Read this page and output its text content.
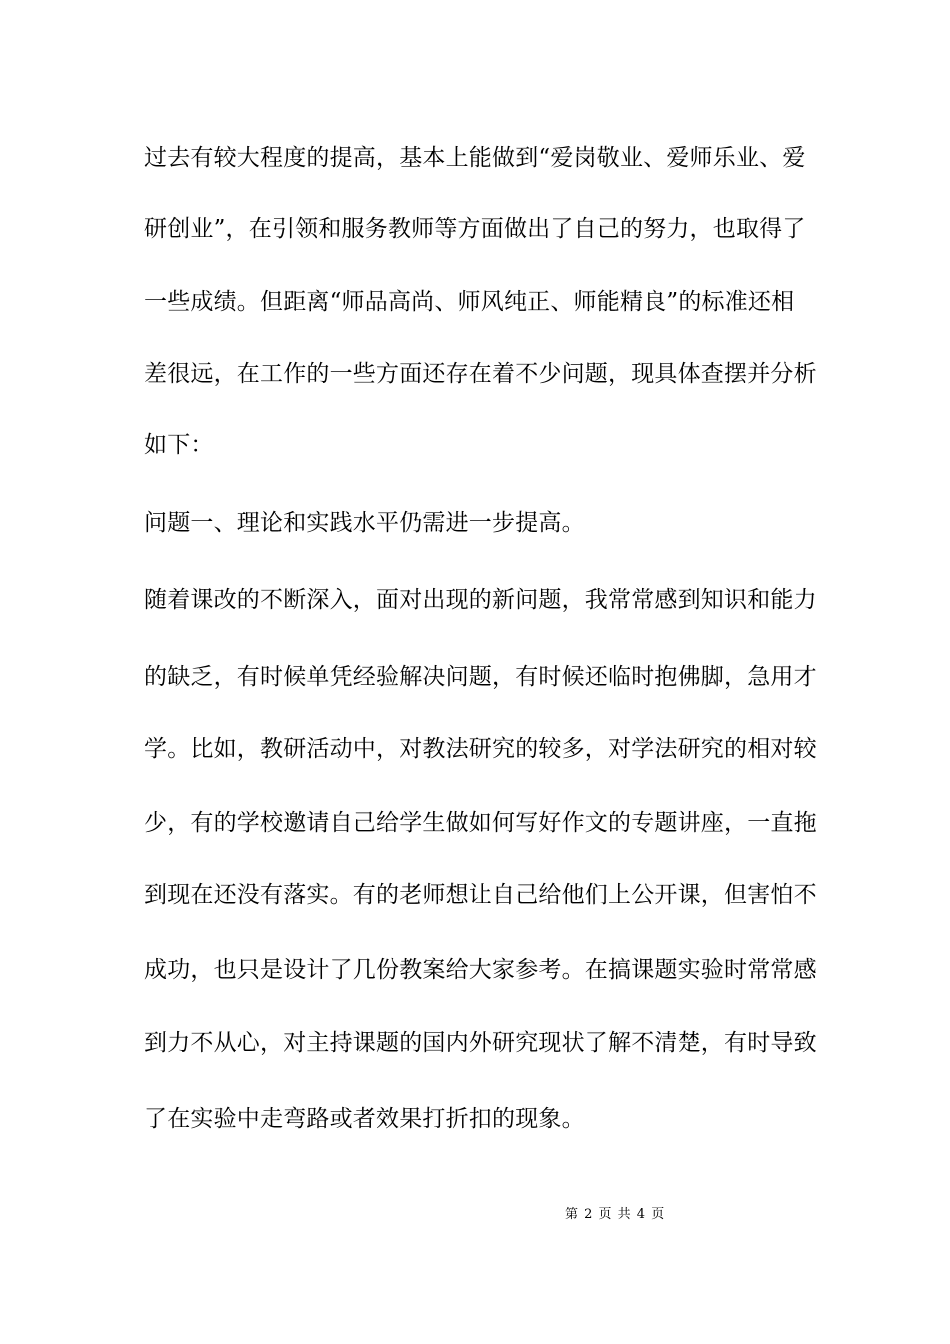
过去有较大程度的提高，基本上能做到“爱岗敬业、爱师乐业、爱
研创业”，在引领和服务教师等方面做出了自己的努力，也取得了
一些成绩。但距离“师品高尚、师风纯正、师能精良”的标准还相
差很远，在工作的一些方面还存在着不少问题，现具体查摆并分析
如下：
问题一、理论和实践水平仍需进一步提高。
随着课改的不断深入，面对出现的新问题，我常常感到知识和能力
的缺乏，有时候单凭经验解决问题，有时候还临时抱佛脚，急用才
学。比如，教研活动中，对教法研究的较多，对学法研究的相对较
少，有的学校邀请自己给学生做如何写好作文的专题讲座，一直拖
到现在还没有落实。有的老师想让自己给他们上公开课，但害怕不
成功，也只是设计了几份教案给大家参考。在搞课题实验时常常感
到力不从心，对主持课题的国内外研究现状了解不清楚，有时导致
了在实验中走弯路或者效果打折扣的现象。
第 2 页 共 4 页
